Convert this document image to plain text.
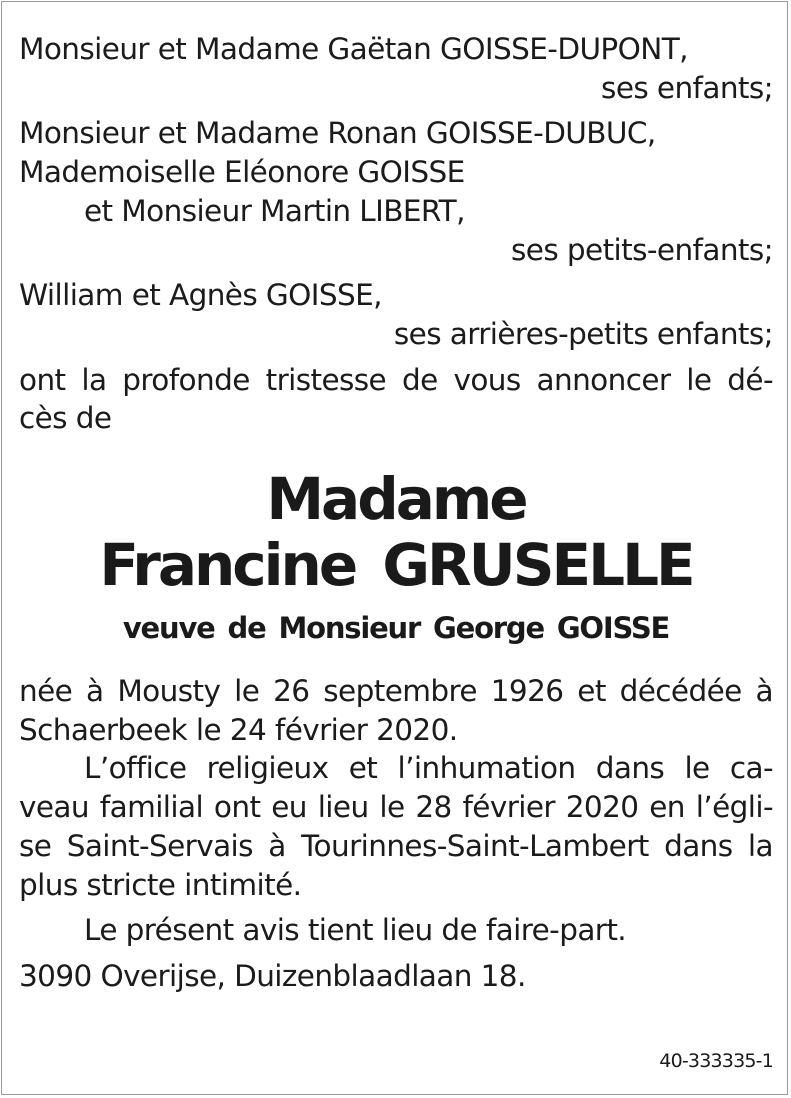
Monsieur et Madame Gaëtan GOISSE-DUPONT,
ses enfants;
Monsieur et Madame Ronan GOISSE-DUBUC,
Mademoiselle Eléonore GOISSE
et Monsieur Martin LIBERT,
ses petits-enfants;
William et Agnès GOISSE,
ses arrières-petits enfants;
ont la profonde tristesse de vous annoncer le dé-
cès de
Madame
Francine GRUSELLE
veuve de Monsieur George GOISSE
née à Mousty le 26 septembre 1926 et décédée à
Schaerbeek le 24 février 2020.
L’office religieux et l’inhumation dans le ca-
veau familial ont eu lieu le 28 février 2020 en l’égli-
se Saint-Servais à Tourinnes-Saint-Lambert dans la
plus stricte intimité.
Le présent avis tient lieu de faire-part.
3090 Overijse, Duizenblaadlaan 18.
40-333335-1
